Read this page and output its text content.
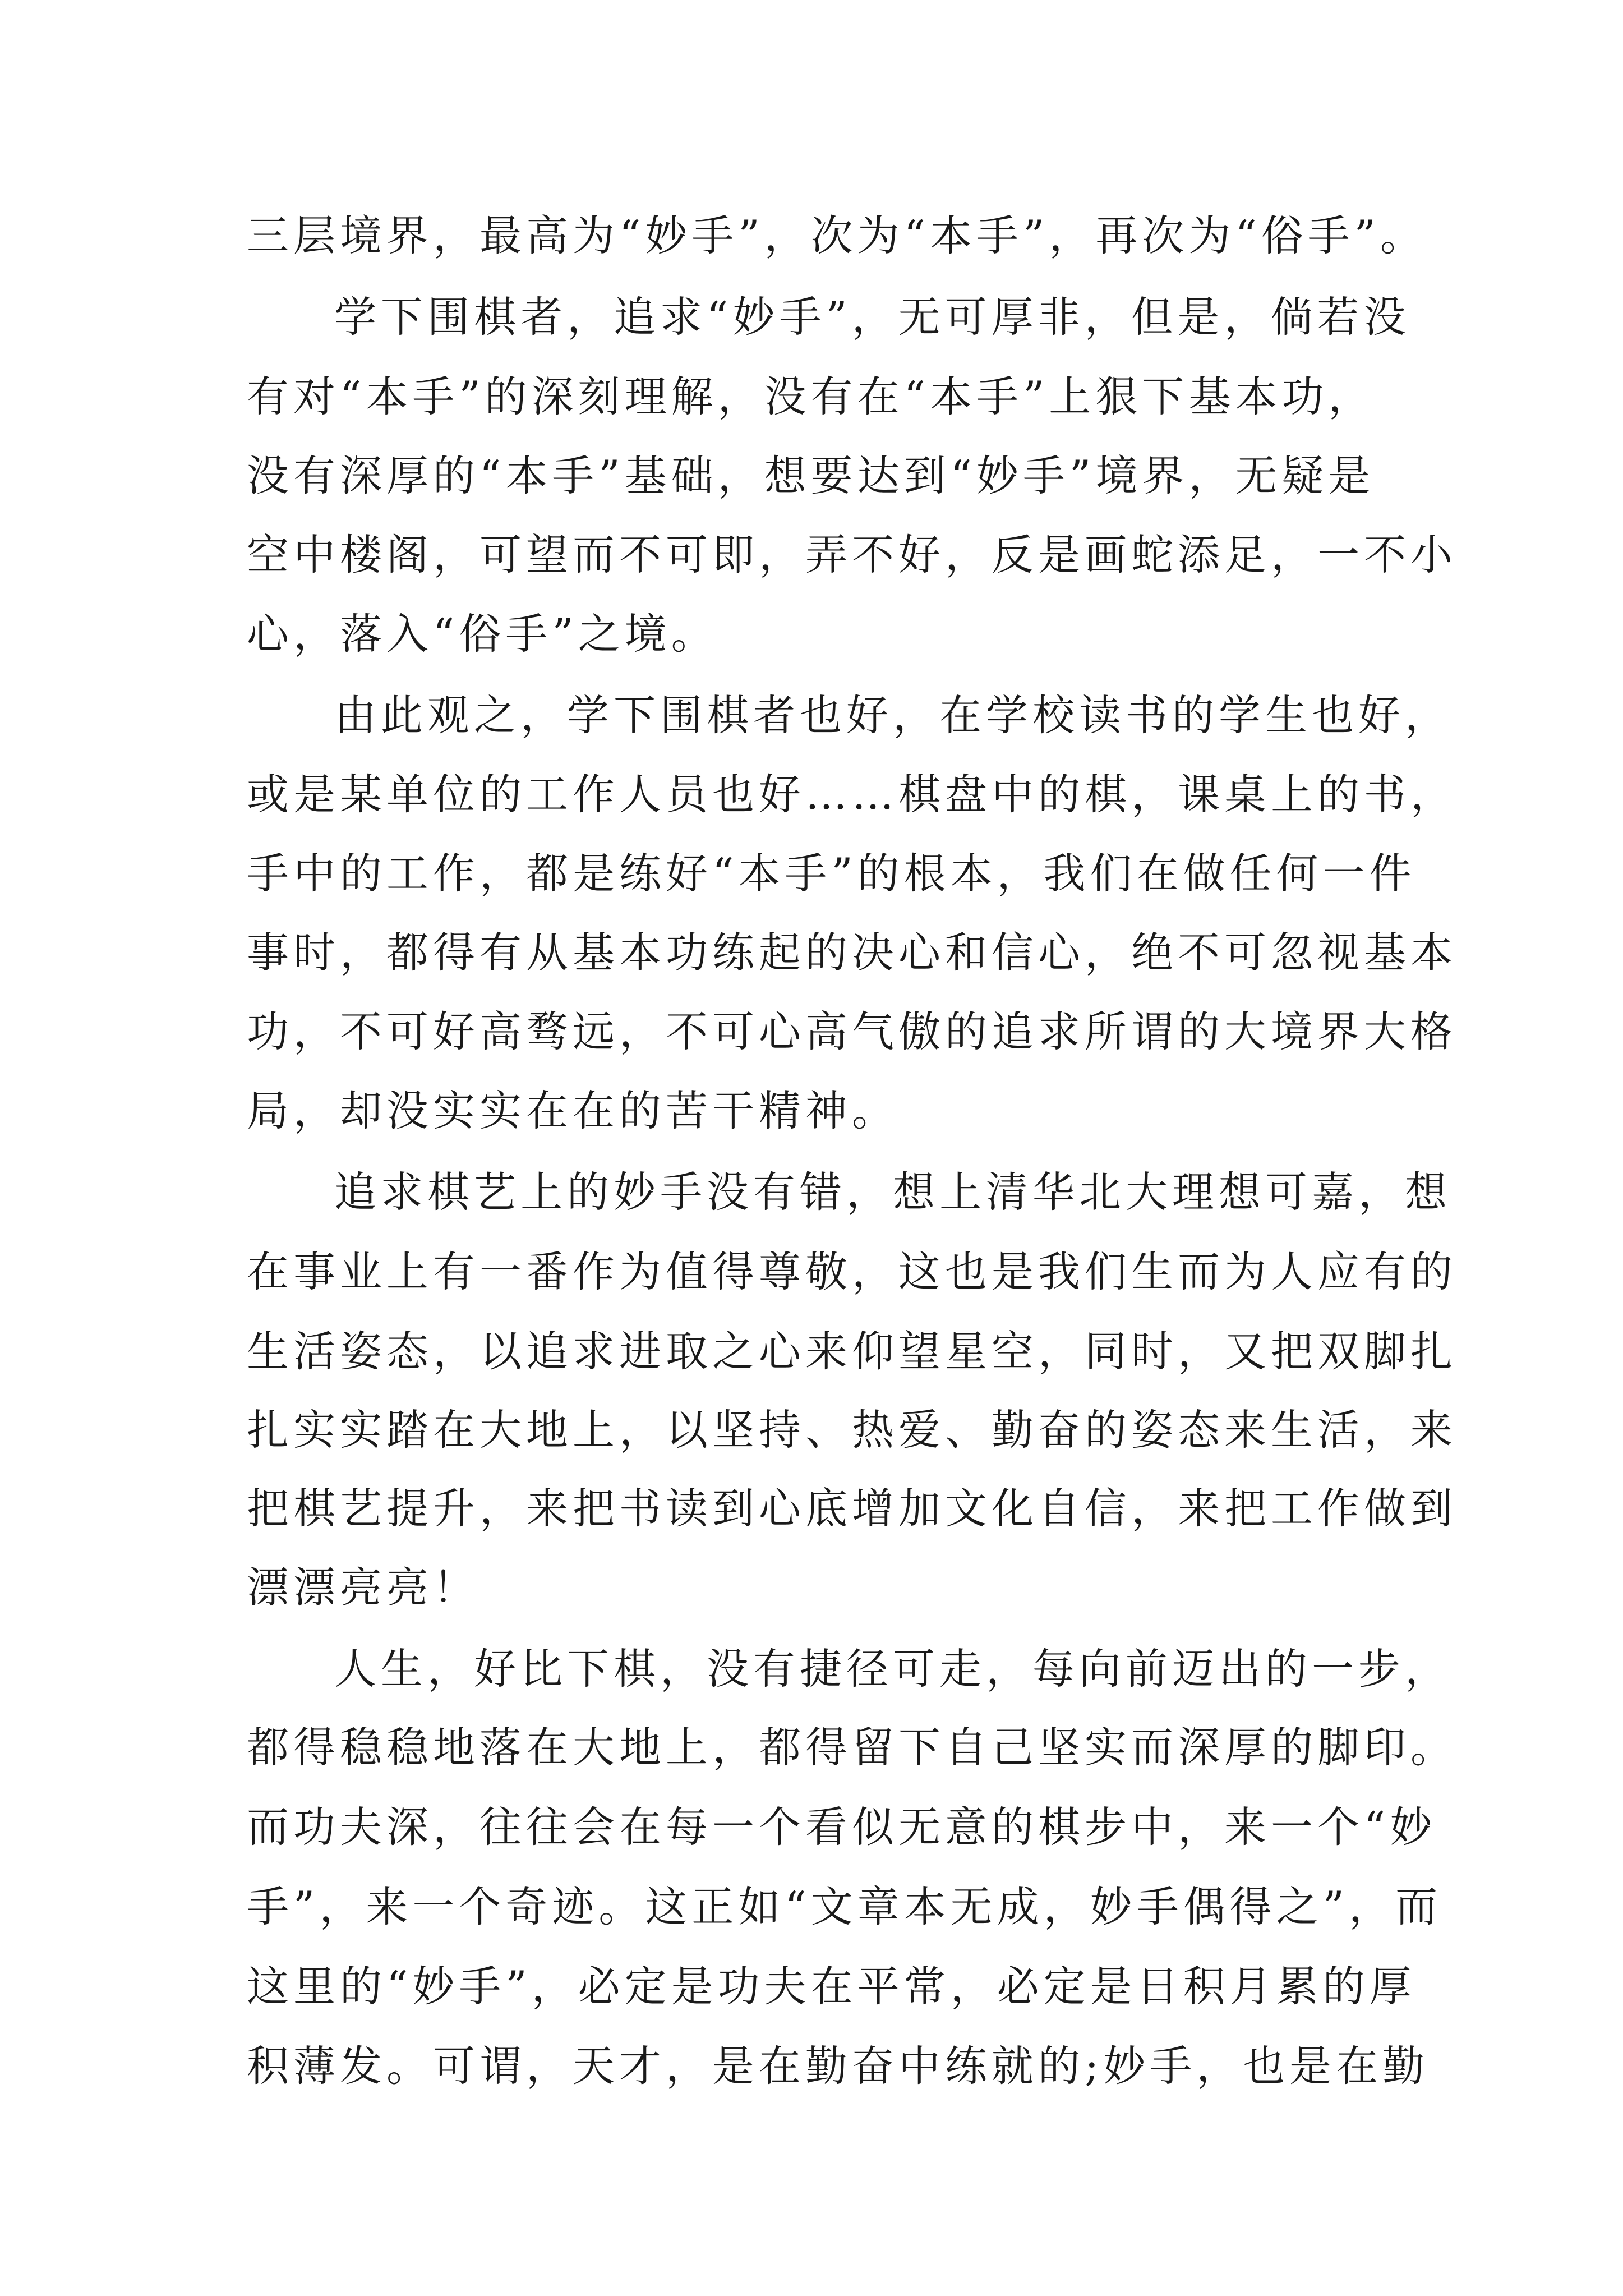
三层境界，最高为“妙手”，次为“本手”，再次为“俗手”。
学下围棋者，追求“妙手”，无可厚非，但是，倘若没
有对“本手”的深刻理解，没有在“本手”上狠下基本功，
没有深厚的“本手”基础，想要达到“妙手”境界，无疑是
空中楼阁，可望而不可即，弄不好，反是画蛇添足，一不小
心，落入“俗手”之境。
由此观之，学下围棋者也好，在学校读书的学生也好，
或是某单位的工作人员也好……棋盘中的棋，课桌上的书，
手中的工作，都是练好“本手”的根本，我们在做任何一件
事时，都得有从基本功练起的决心和信心，绝不可忽视基本
功，不可好高骛远，不可心高气傲的追求所谓的大境界大格
局，却没实实在在的苦干精神。
追求棋艺上的妙手没有错，想上清华北大理想可嘉，想
在事业上有一番作为值得尊敬，这也是我们生而为人应有的
生活姿态，以追求进取之心来仰望星空，同时，又把双脚扎
扎实实踏在大地上，以坚持、热爱、勤奋的姿态来生活，来
把棋艺提升，来把书读到心底增加文化自信，来把工作做到
漂漂亮亮！
人生，好比下棋，没有捷径可走，每向前迈出的一步，
都得稳稳地落在大地上，都得留下自己坚实而深厚的脚印。
而功夫深，往往会在每一个看似无意的棋步中，来一个“妙
手”，来一个奇迹。这正如“文章本无成，妙手偶得之”，而
这里的“妙手”，必定是功夫在平常，必定是日积月累的厚
积薄发。可谓，天才，是在勤奋中练就的;妙手，也是在勤
